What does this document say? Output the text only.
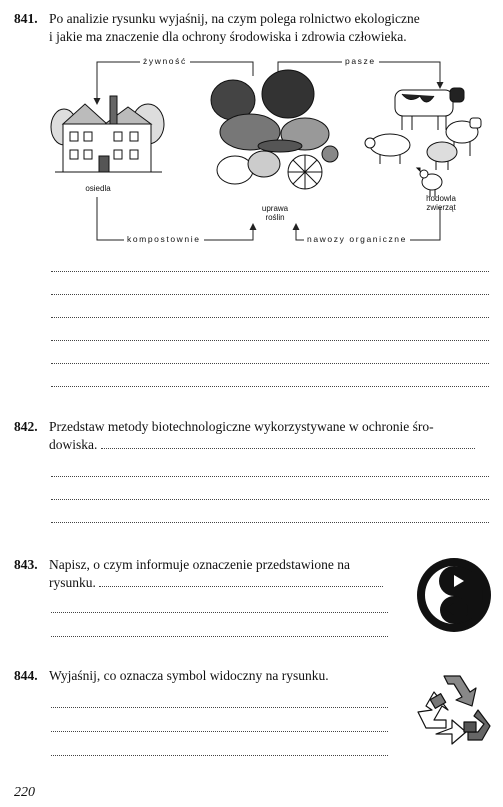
841. Po analizie rysunku wyjaśnij, na czym polega rolnictwo ekologiczne
i jakie ma znaczenie dla ochrony środowiska i zdrowia człowieka.
żywność	pasze
kompostownie	nawozy organiczne
osiedla
uprawa
roślin
hodowla
zwierząt
842. Przedstaw metody biotechnologiczne wykorzystywane w ochronie śro-
dowiska.
843. Napisz, o czym informuje oznaczenie przedstawione na
rysunku.
844. Wyjaśnij, co oznacza symbol widoczny na rysunku.
220
